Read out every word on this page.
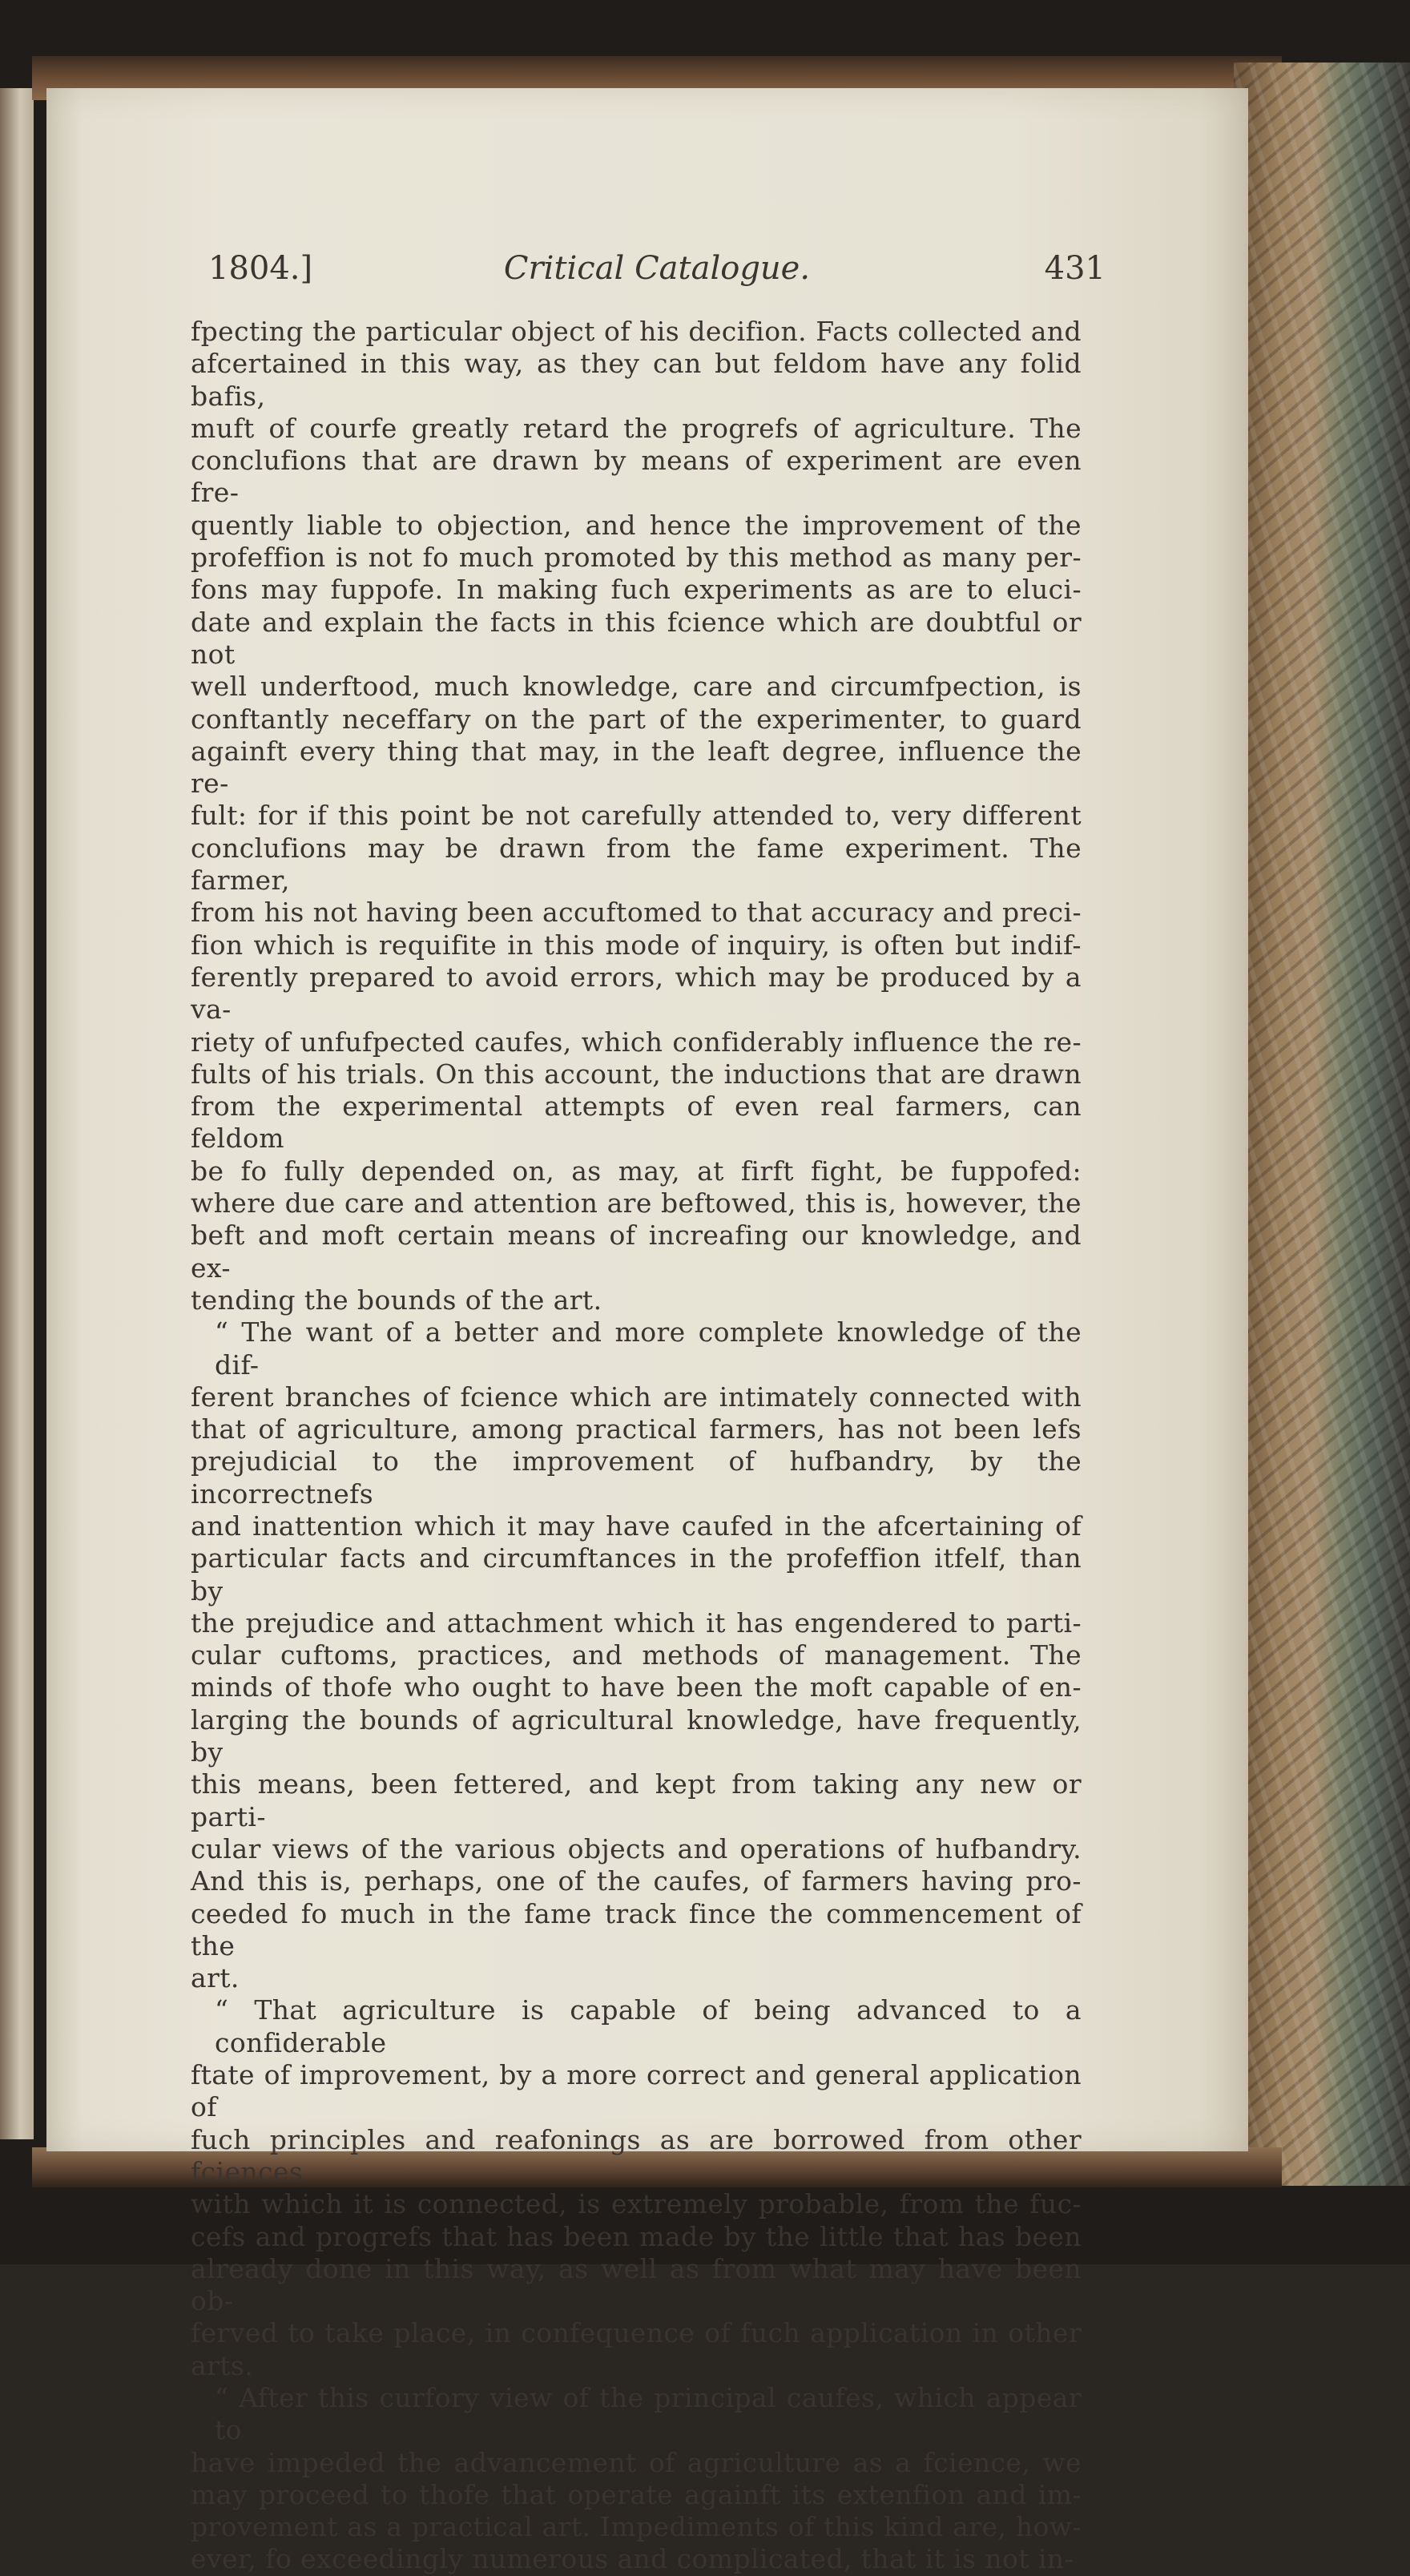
1804.]	Critical Catalogue.	431
fpecting the particular object of his decifion. Facts collected and
afcertained in this way, as they can but feldom have any folid bafis,
muft of courfe greatly retard the progrefs of agriculture. The
conclufions that are drawn by means of experiment are even fre-
quently liable to objection, and hence the improvement of the
profeffion is not fo much promoted by this method as many per-
fons may fuppofe. In making fuch experiments as are to eluci-
date and explain the facts in this fcience which are doubtful or not
well underftood, much knowledge, care and circumfpection, is
conftantly neceffary on the part of the experimenter, to guard
againft every thing that may, in the leaft degree, influence the re-
fult: for if this point be not carefully attended to, very different
conclufions may be drawn from the fame experiment. The farmer,
from his not having been accuftomed to that accuracy and preci-
fion which is requifite in this mode of inquiry, is often but indif-
ferently prepared to avoid errors, which may be produced by a va-
riety of unfufpected caufes, which confiderably influence the re-
fults of his trials. On this account, the inductions that are drawn
from the experimental attempts of even real farmers, can feldom
be fo fully depended on, as may, at firft fight, be fuppofed:
where due care and attention are beftowed, this is, however, the
beft and moft certain means of increafing our knowledge, and ex-
tending the bounds of the art.
“ The want of a better and more complete knowledge of the dif-
ferent branches of fcience which are intimately connected with
that of agriculture, among practical farmers, has not been lefs
prejudicial to the improvement of hufbandry, by the incorrectnefs
and inattention which it may have caufed in the afcertaining of
particular facts and circumftances in the profeffion itfelf, than by
the prejudice and attachment which it has engendered to parti-
cular cuftoms, practices, and methods of management. The
minds of thofe who ought to have been the moft capable of en-
larging the bounds of agricultural knowledge, have frequently, by
this means, been fettered, and kept from taking any new or parti-
cular views of the various objects and operations of hufbandry.
And this is, perhaps, one of the caufes, of farmers having pro-
ceeded fo much in the fame track fince the commencement of the
art.
“ That agriculture is capable of being advanced to a confiderable
ftate of improvement, by a more correct and general application of
fuch principles and reafonings as are borrowed from other fciences
with which it is connected, is extremely probable, from the fuc-
cefs and progrefs that has been made by the little that has been
already done in this way, as well as from what may have been ob-
ferved to take place, in confequence of fuch application in other
arts.
“ After this curfory view of the principal caufes, which appear to
have impeded the advancement of agriculture as a fcience, we
may proceed to thofe that operate againft its extenfion and im-
provement as a practical art. Impediments of this kind are, how-
ever, fo exceedingly numerous and complicated, that it is not in-
